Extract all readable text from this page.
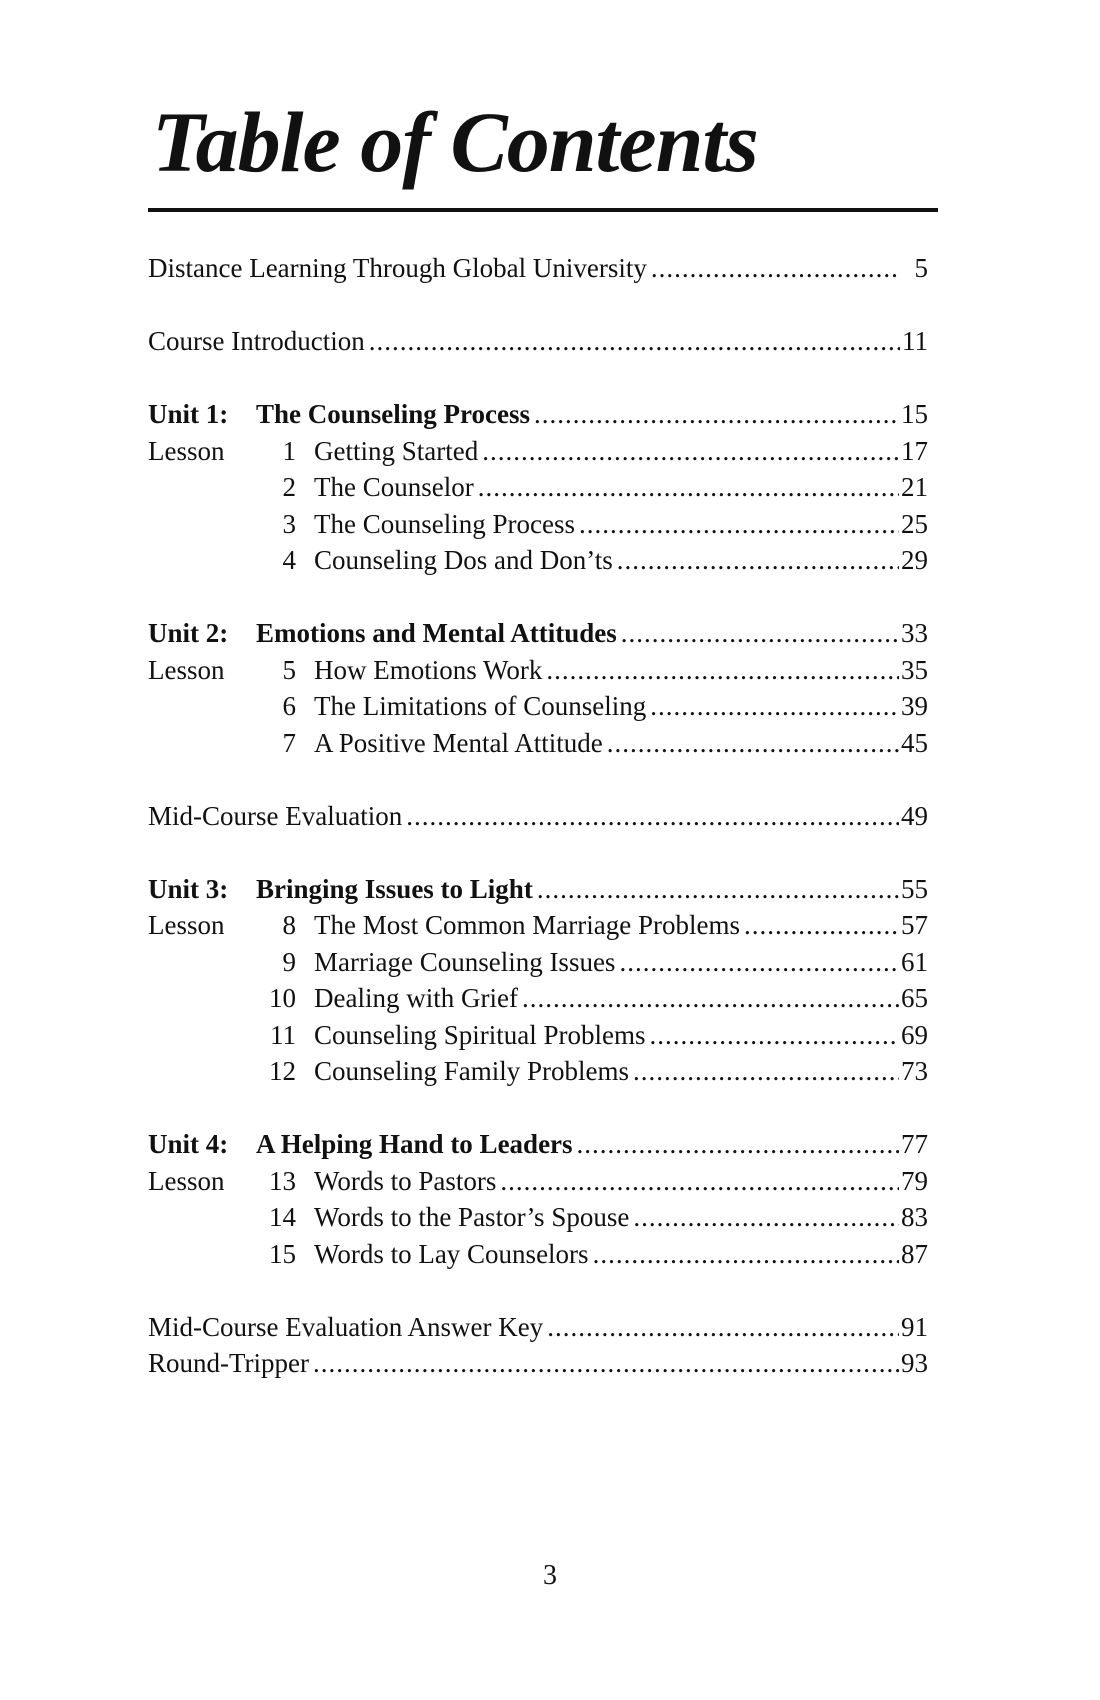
Table of Contents
Distance Learning Through Global University .....	5
Course Introduction .....	11
Unit 1:	The Counseling Process .....	15
Lesson	1 Getting Started .....	17
2 The Counselor .....	21
3 The Counseling Process .....	25
4 Counseling Dos and Don’ts .....	29
Unit 2:	Emotions and Mental Attitudes .....	33
Lesson	5 How Emotions Work .....	35
6 The Limitations of Counseling .....	39
7 A Positive Mental Attitude .....	45
Mid-Course Evaluation .....	49
Unit 3:	Bringing Issues to Light .....	55
Lesson	8 The Most Common Marriage Problems .....	57
9 Marriage Counseling Issues .....	61
10 Dealing with Grief .....	65
11 Counseling Spiritual Problems .....	69
12 Counseling Family Problems .....	73
Unit 4:	A Helping Hand to Leaders .....	77
Lesson	13 Words to Pastors .....	79
14 Words to the Pastor’s Spouse .....	83
15 Words to Lay Counselors .....	87
Mid-Course Evaluation Answer Key .....	91
Round-Tripper .....	93
3
